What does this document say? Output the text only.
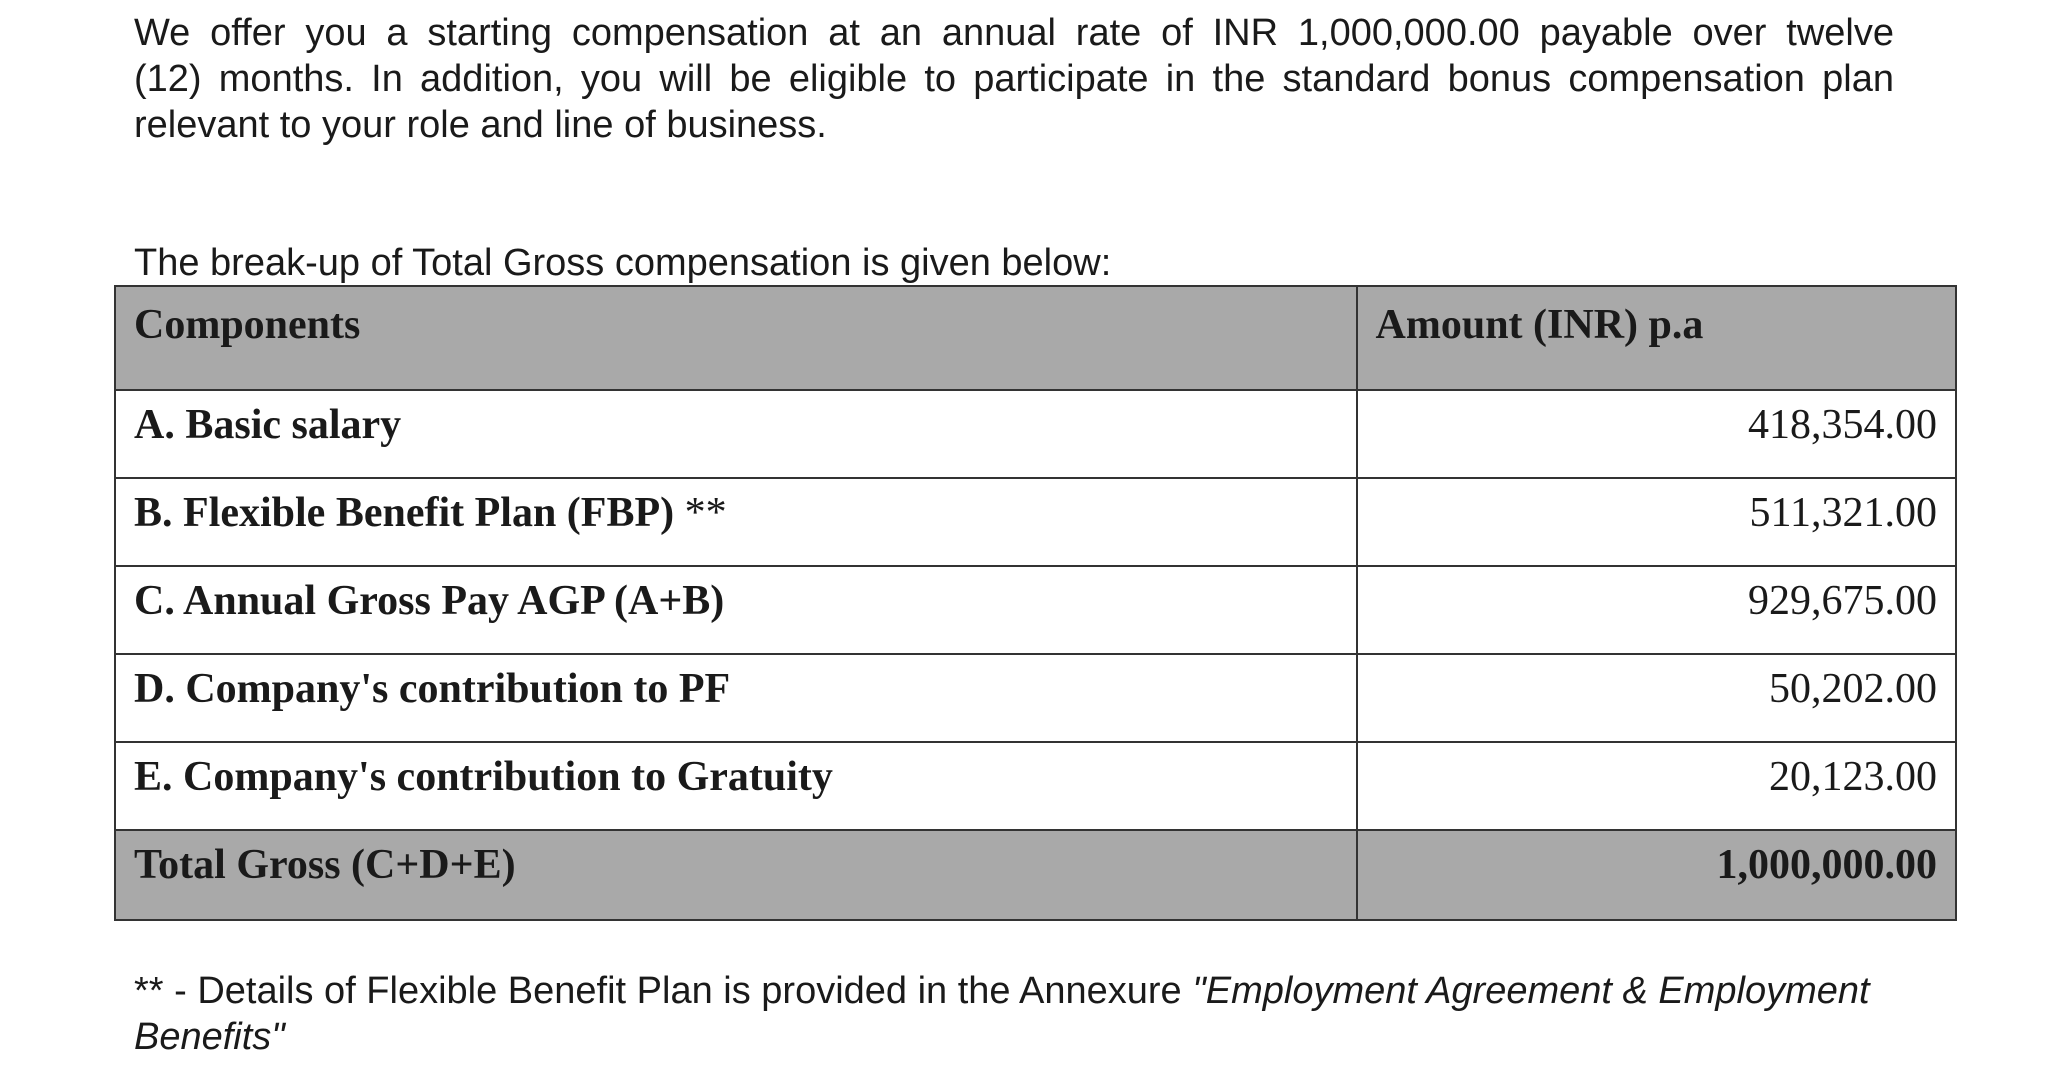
We offer you a starting compensation at an annual rate of INR 1,000,000.00 payable over twelve
(12) months. In addition, you will be eligible to participate in the standard bonus compensation plan
relevant to your role and line of business.
The break-up of Total Gross compensation is given below:
Components	Amount (INR) p.a
A. Basic salary	418,354.00
B. Flexible Benefit Plan (FBP) **	511,321.00
C. Annual Gross Pay AGP (A+B)	929,675.00
D. Company's contribution to PF	50,202.00
E. Company's contribution to Gratuity	20,123.00
Total Gross (C+D+E)	1,000,000.00
** - Details of Flexible Benefit Plan is provided in the Annexure "Employment Agreement & Employment Benefits"
